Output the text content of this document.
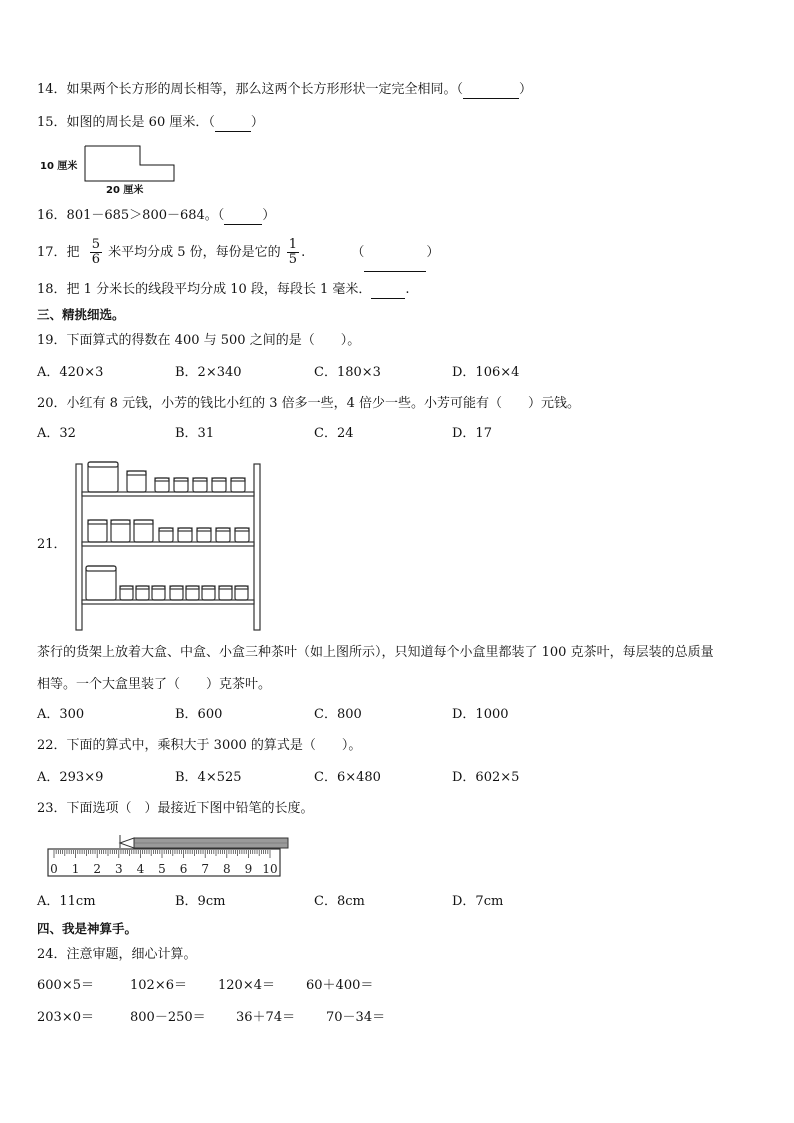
14．如果两个长方形的周长相等，那么这两个长方形形状一定完全相同。（	）
15．如图的周长是 60 厘米．（	）
10 厘米
20 厘米
16．801－685＞800－684。（	）
17．把 $\frac{5}{6}$ 米平均分成 5 份，每份是它的 $\frac{1}{5}$ .	（	）
18．把 1 分米长的线段平均分成 10 段，每段长 1 毫米．	.
三、精挑细选。
19．下面算式的得数在 400 与 500 之间的是（　　）。
A．420×3	B．2×340	C．180×3	D．106×4
20．小红有 8 元钱，小芳的钱比小红的 3 倍多一些，4 倍少一些。小芳可能有（　　）元钱。
A．32	B．31	C．24	D．17
21．
茶行的货架上放着大盒、中盒、小盒三种茶叶（如上图所示），只知道每个小盒里都装了 100 克茶叶，每层装的总质量
相等。一个大盒里装了（　　）克茶叶。
A．300	B．600	C．800	D．1000
22．下面的算式中，乘积大于 3000 的算式是（　　）。
A．293×9	B．4×525	C．6×480	D．602×5
23．下面选项（　）最接近下图中铅笔的长度。
0 1 2 3 4 5 6 7 8 9 10
A．11cm	B．9cm	C．8cm	D．7cm
四、我是神算手。
24．注意审题，细心计算。
600×5＝	102×6＝ 120×4＝ 60＋400＝
203×0＝	800－250＝ 36＋74＝ 70－34＝
